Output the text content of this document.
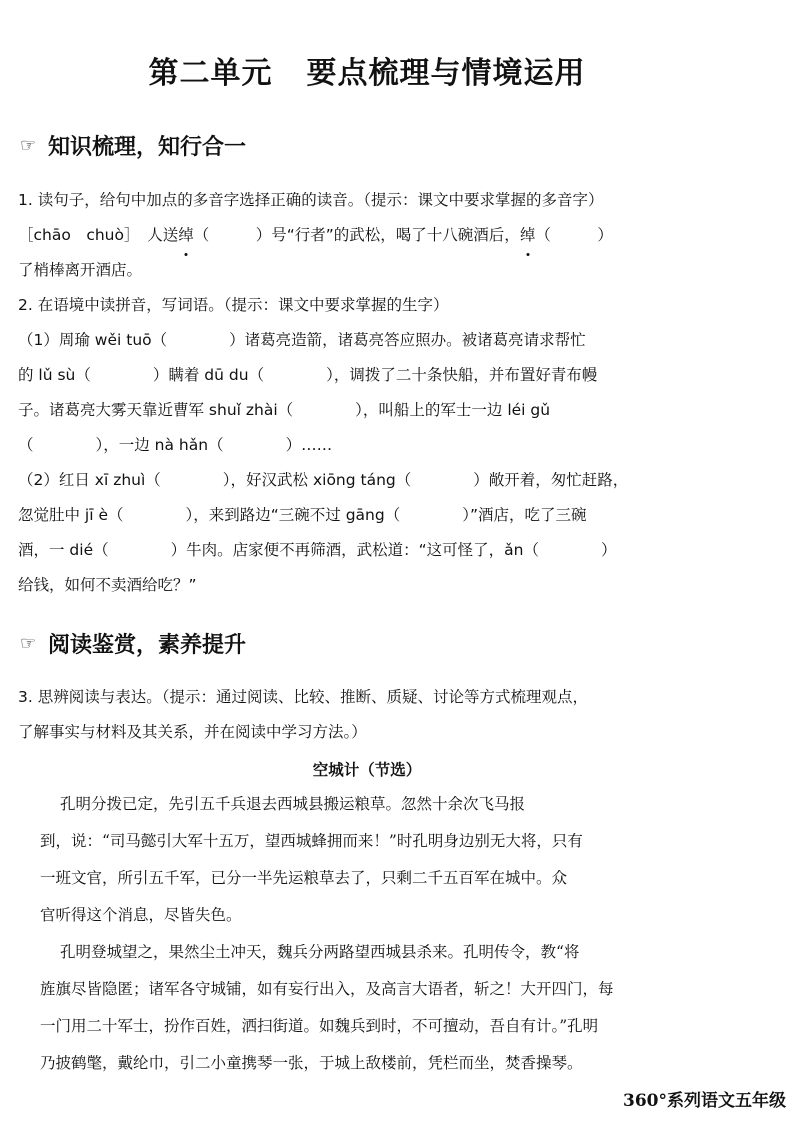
第二单元 要点梳理与情境运用
☞ 知识梳理，知行合一
1. 读句子，给句中加点的多音字选择正确的读音。（提示：课文中要求掌握的多音字）
［chāo　chuò］　人送绰（　　　）号“行者”的武松，喝了十八碗酒后，绰（　　　）
了梢棒离开酒店。
2. 在语境中读拼音，写词语。（提示：课文中要求掌握的生字）
（1）周瑜 wěi tuō（　　　　）诸葛亮造箭，诸葛亮答应照办。被诸葛亮请求帮忙
的 lǔ sù（　　　　）瞒着 dū du（　　　　），调拨了二十条快船，并布置好青布幔
子。诸葛亮大雾天靠近曹军 shuǐ zhài（　　　　），叫船上的军士一边 léi gǔ
（　　　　），一边 nà hǎn（　　　　）……
（2）红日 xī zhuì（　　　　），好汉武松 xiōng táng（　　　　）敞开着，匆忙赶路，
忽觉肚中 jī è（　　　　），来到路边“三碗不过 gāng（　　　　）”酒店，吃了三碗
酒，一 dié（　　　　）牛肉。店家便不再筛酒，武松道：“这可怪了，ǎn（　　　　）
给钱，如何不卖酒给吃？”
☞ 阅读鉴赏，素养提升
3. 思辨阅读与表达。（提示：通过阅读、比较、推断、质疑、讨论等方式梳理观点，
了解事实与材料及其关系，并在阅读中学习方法。）
空城计（节选）
孔明分拨已定，先引五千兵退去西城县搬运粮草。忽然十余次飞马报
到，说：“司马懿引大军十五万，望西城蜂拥而来！”时孔明身边别无大将，只有
一班文官，所引五千军，已分一半先运粮草去了，只剩二千五百军在城中。众
官听得这个消息，尽皆失色。
孔明登城望之，果然尘土冲天，魏兵分两路望西城县杀来。孔明传令，教“将
旌旗尽皆隐匿；诸军各守城铺，如有妄行出入，及高言大语者，斩之！大开四门，每
一门用二十军士，扮作百姓，洒扫街道。如魏兵到时，不可擅动，吾自有计。”孔明
乃披鹤氅，戴纶巾，引二小童携琴一张，于城上敌楼前，凭栏而坐，焚香操琴。
360°系列语文五年级
